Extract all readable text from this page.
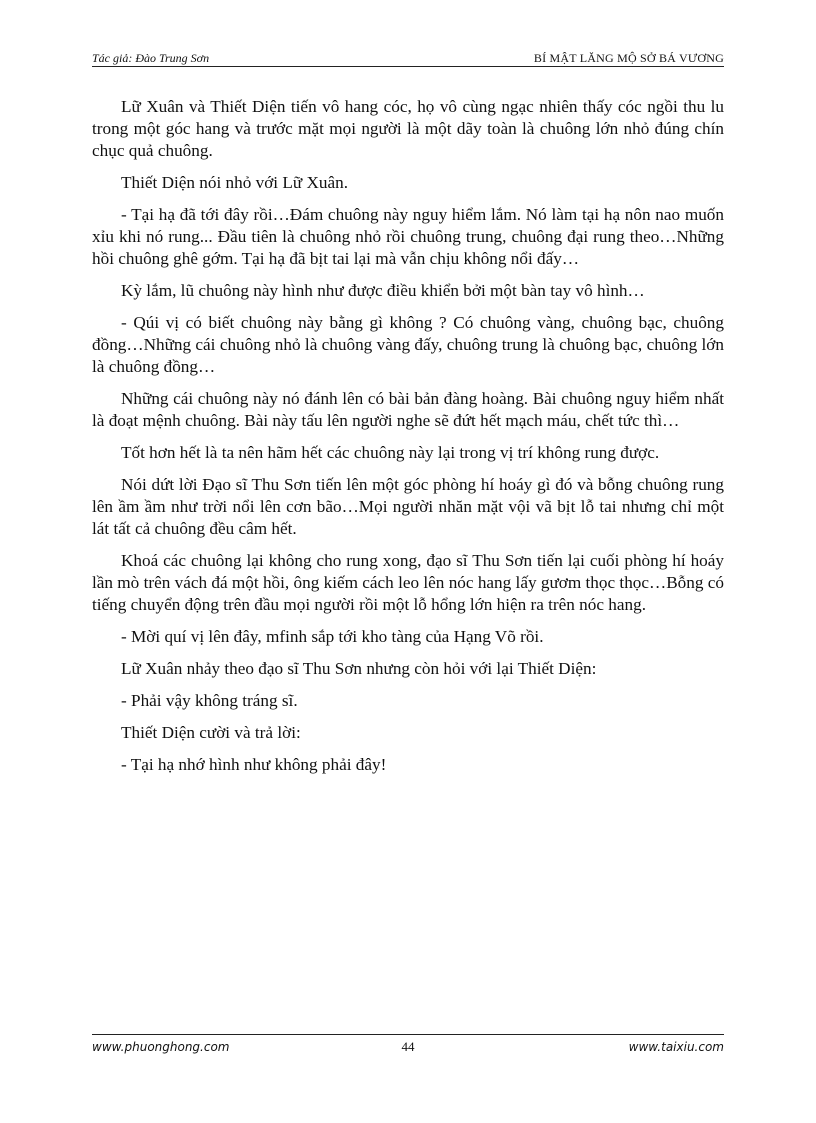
Tác giả: Đào Trung Sơn	BÍ MẬT LĂNG MỘ SỞ BÁ VƯƠNG

Lữ Xuân và Thiết Diện tiến vô hang cóc, họ vô cùng ngạc nhiên thấy cóc ngồi thu lu trong một góc hang và trước mặt mọi người là một dãy toàn là chuông lớn nhỏ đúng chín chục quả chuông.

Thiết Diện nói nhỏ với Lữ Xuân.

- Tại hạ đã tới đây rồi…Đám chuông này nguy hiểm lắm. Nó làm tại hạ nôn nao muốn xỉu khi nó rung... Đầu tiên là chuông nhỏ rồi chuông trung, chuông đại rung theo…Những hồi chuông ghê gớm. Tại hạ đã bịt tai lại mà vẫn chịu không nổi đấy…

Kỳ lắm, lũ chuông này hình như được điều khiển bởi một bàn tay vô hình…

- Qúi vị có biết chuông này bằng gì không ? Có chuông vàng, chuông bạc, chuông đồng…Những cái chuông nhỏ là chuông vàng đấy, chuông trung là chuông bạc, chuông lớn là chuông đồng…

Những cái chuông này nó đánh lên có bài bản đàng hoàng. Bài chuông nguy hiểm nhất là đoạt mệnh chuông. Bài này tấu lên người nghe sẽ đứt hết mạch máu, chết tức thì…

Tốt hơn hết là ta nên hãm hết các chuông này lại trong vị trí không rung được.

Nói dứt lời Đạo sĩ Thu Sơn tiến lên một góc phòng hí hoáy gì đó và bỗng chuông rung lên ầm ầm như trời nổi lên cơn bão…Mọi người nhăn mặt vội vã bịt lỗ tai nhưng chỉ một lát tất cả chuông đều câm hết.

Khoá các chuông lại không cho rung xong, đạo sĩ Thu Sơn tiến lại cuối phòng hí hoáy lần mò trên vách đá một hồi, ông kiếm cách leo lên nóc hang lấy gươm thọc thọc…Bỗng có tiếng chuyển động trên đầu mọi người rồi một lỗ hổng lớn hiện ra trên nóc hang.

- Mời quí vị lên đây, mfinh sắp tới kho tàng của Hạng Võ rồi.

Lữ Xuân nhảy theo đạo sĩ Thu Sơn nhưng còn hỏi với lại Thiết Diện:

- Phải vậy không tráng sĩ.

Thiết Diện cười và trả lời:

- Tại hạ nhớ hình như không phải đây!

www.phuonghong.com	44	www.taixiu.com
